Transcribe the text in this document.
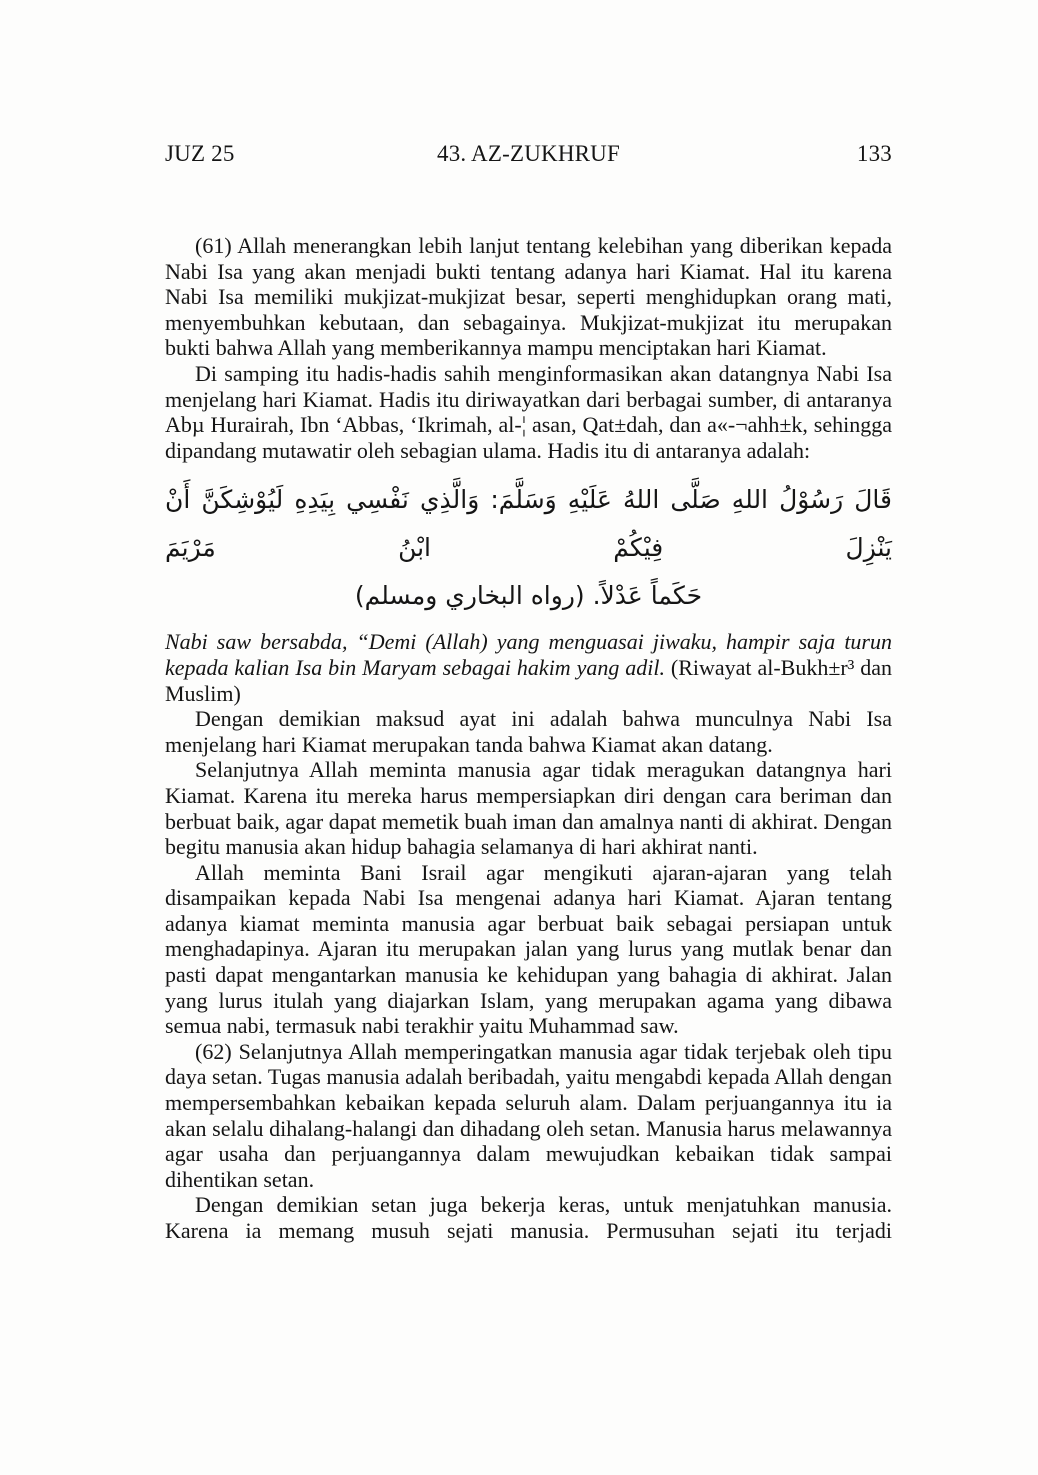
JUZ 25	43. AZ-ZUKHRUF	133

(61) Allah menerangkan lebih lanjut tentang kelebihan yang diberikan kepada Nabi Isa yang akan menjadi bukti tentang adanya hari Kiamat. Hal itu karena Nabi Isa memiliki mukjizat-mukjizat besar, seperti menghidupkan orang mati, menyembuhkan kebutaan, dan sebagainya. Mukjizat-mukjizat itu merupakan bukti bahwa Allah yang memberikannya mampu menciptakan hari Kiamat.

Di samping itu hadis-hadis sahih menginformasikan akan datangnya Nabi Isa menjelang hari Kiamat. Hadis itu diriwayatkan dari berbagai sumber, di antaranya Abµ Hurairah, Ibn ‘Abbas, ‘Ikrimah, al-¦ asan, Qat±dah, dan a«-¬ahh±k, sehingga dipandang mutawatir oleh sebagian ulama. Hadis itu di antaranya adalah:

قَالَ رَسُوْلُ اللهِ صَلَّى اللهُ عَلَيْهِ وَسَلَّمَ: وَالَّذِي نَفْسِي بِيَدِهِ لَيُوْشِكَنَّ أَنْ يَنْزِلَ فِيْكُمْ ابْنُ مَرْيَمَ
حَكَماً عَدْلاً. (رواه البخاري ومسلم)

Nabi saw bersabda, “Demi (Allah) yang menguasai jiwaku, hampir saja turun kepada kalian Isa bin Maryam sebagai hakim yang adil. (Riwayat al-Bukh±r³ dan Muslim)

Dengan demikian maksud ayat ini adalah bahwa munculnya Nabi Isa menjelang hari Kiamat merupakan tanda bahwa Kiamat akan datang.

Selanjutnya Allah meminta manusia agar tidak meragukan datangnya hari Kiamat. Karena itu mereka harus mempersiapkan diri dengan cara beriman dan berbuat baik, agar dapat memetik buah iman dan amalnya nanti di akhirat. Dengan begitu manusia akan hidup bahagia selamanya di hari akhirat nanti.

Allah meminta Bani Israil agar mengikuti ajaran-ajaran yang telah disampaikan kepada Nabi Isa mengenai adanya hari Kiamat. Ajaran tentang adanya kiamat meminta manusia agar berbuat baik sebagai persiapan untuk menghadapinya. Ajaran itu merupakan jalan yang lurus yang mutlak benar dan pasti dapat mengantarkan manusia ke kehidupan yang bahagia di akhirat. Jalan yang lurus itulah yang diajarkan Islam, yang merupakan agama yang dibawa semua nabi, termasuk nabi terakhir yaitu Muhammad saw.

(62) Selanjutnya Allah memperingatkan manusia agar tidak terjebak oleh tipu daya setan. Tugas manusia adalah beribadah, yaitu mengabdi kepada Allah dengan mempersembahkan kebaikan kepada seluruh alam. Dalam perjuangannya itu ia akan selalu dihalang-halangi dan dihadang oleh setan. Manusia harus melawannya agar usaha dan perjuangannya dalam mewujudkan kebaikan tidak sampai dihentikan setan.

Dengan demikian setan juga bekerja keras, untuk menjatuhkan manusia. Karena ia memang musuh sejati manusia. Permusuhan sejati itu terjadi
